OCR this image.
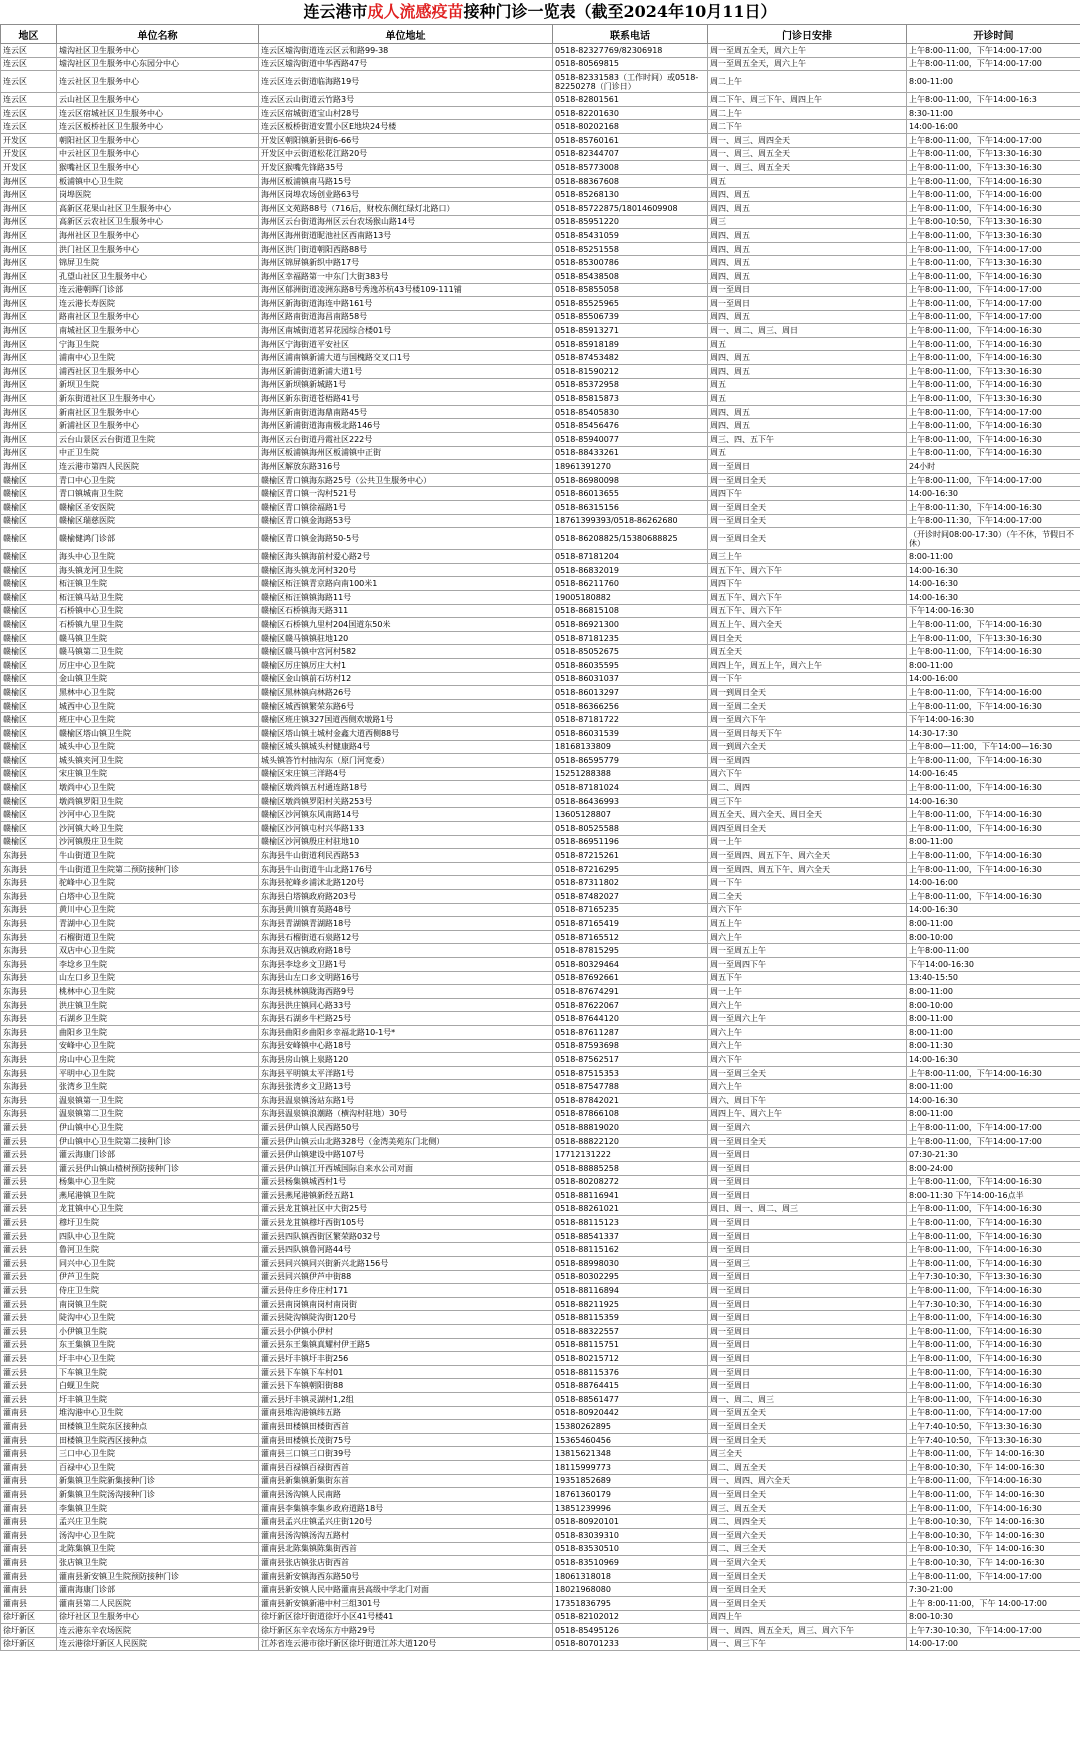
连云港市成人流感疫苗接种门诊一览表（截至2024年10月11日）
地区	单位名称	单位地址	联系电话	门诊日安排	开诊时间
连云区	墟沟社区卫生服务中心	连云区墟沟街道连云区云和路99-38	0518-82327769/82306918	周一至周五全天，周六上午	上午8:00-11:00，下午14:00-17:00
连云区	墟沟社区卫生服务中心东园分中心	连云区墟沟街道中华西路47号	0518-80569815	周一至周五全天，周六上午	上午8:00-11:00，下午14:00-17:00
连云区	连云社区卫生服务中心	连云区连云街道临海路19号	0518-82331583（工作时间）或0518-82250278（门诊日）	周二上午	8:00-11:00
连云区	云山社区卫生服务中心	连云区云山街道云竹路3号	0518-82801561	周二下午、周三下午、周四上午	上午8:00-11:00，下午14:00-16:3
连云区	连云区宿城社区卫生服务中心	连云区宿城街道宝山村28号	0518-82201630	周二上午	8:30-11:00
连云区	连云区板桥社区卫生服务中心	连云区板桥街道安置小区E地块24号楼	0518-80202168	周二下午	14:00-16:00
开发区	朝阳社区卫生服务中心	开发区朝阳镇新县街6-66号	0518-85760161	周一、周三、周四全天	上午8:00-11:00，下午14:00-17:00
开发区	中云社区卫生服务中心	开发区中云街道松花江路20号	0518-82344707	周一、周三、周五全天	上午8:00-11:00，下午13:30-16:30
开发区	猴嘴社区卫生服务中心	开发区猴嘴先锋路35号	0518-85773008	周一、周三、周五全天	上午8:00-11:00，下午13:30-16:30
海州区	板浦镇中心卫生院	海州区板浦镇南马路15号	0518-88367608	周五	上午8:00-11:00，下午14:00-16:30
海州区	岗埠医院	海州区岗埠农场创业路63号	0518-85268130	周四、周五	上午8:00-11:00，下午14:00-16:00
海州区	高新区花果山社区卫生服务中心	海州区文苑路88号（716后，财校东侧红绿灯北路口）	0518-85722875/18014609908	周四、周五	上午8:00-11:00，下午14:00-16:30
海州区	高新区云农社区卫生服务中心	海州区云台街道海州区云台农场猴山路14号	0518-85951220	周三	上午8:00-10:50，下午13:30-16:30
海州区	海州社区卫生服务中心	海州区海州街道昵池社区西南路13号	0518-85431059	周四、周五	上午8:00-11:00，下午13:30-16:30
海州区	洪门社区卫生服务中心	海州区洪门街道朝阳西路88号	0518-85251558	周四、周五	上午8:00-11:00，下午14:00-17:00
海州区	锦屏卫生院	海州区锦屏镇新织中路17号	0518-85300786	周四、周五	上午8:00-11:00，下午13:30-16:30
海州区	孔望山社区卫生服务中心	海州区幸福路第一中东门大街383号	0518-85438508	周四、周五	上午8:00-11:00，下午14:00-16:30
海州区	连云港朝晖门诊部	海州区郁洲街道凌洲东路8号秀逸苏杭43号楼109-111铺	0518-85855058	周一至周日	上午8:00-11:00，下午14:00-17:00
海州区	连云港长寿医院	海州区新海街道海连中路161号	0518-85525965	周一至周日	上午8:00-11:00，下午14:00-17:00
海州区	路南社区卫生服务中心	海州区路南街道海昌南路58号	0518-85506739	周四、周五	上午8:00-11:00，下午14:00-17:00
海州区	南城社区卫生服务中心	海州区南城街道茗昇花园综合楼01号	0518-85913271	周一、周二、周三、周日	上午8:00-11:00，下午14:00-16:30
海州区	宁海卫生院	海州区宁海街道平安社区	0518-85918189	周五	上午8:00-11:00，下午14:00-16:30
海州区	浦南中心卫生院	海州区浦南镇新浦大道与国槐路交叉口1号	0518-87453482	周四、周五	上午8:00-11:00，下午14:00-16:30
海州区	浦西社区卫生服务中心	海州区新浦街道新浦大道1号	0518-81590212	周四、周五	上午8:00-11:00，下午13:30-16:30
海州区	新坝卫生院	海州区新坝镇新城路1号	0518-85372958	周五	上午8:00-11:00，下午14:00-16:30
海州区	新东街道社区卫生服务中心	海州区新东街道苍梧路41号	0518-85815873	周五	上午8:00-11:00，下午13:30-16:30
海州区	新南社区卫生服务中心	海州区新南街道海鼎南路45号	0518-85405830	周四、周五	上午8:00-11:00，下午14:00-17:00
海州区	新浦社区卫生服务中心	海州区新浦街道海南极北路146号	0518-85456476	周四、周五	上午8:00-11:00，下午14:00-16:30
海州区	云台山景区云台街道卫生院	海州区云台街道丹霞社区222号	0518-85940077	周三、四、五下午	上午8:00-11:00，下午14:00-16:30
海州区	中正卫生院	海州区板浦镇海州区板浦镇中正街	0518-88433261	周五	上午8:00-11:00，下午14:00-16:30
海州区	连云港市第四人民医院	海州区解放东路316号	18961391270	周一至周日	24小时
赣榆区	青口中心卫生院	赣榆区青口镇海东路25号（公共卫生服务中心）	0518-86980098	周一至周日全天	上午8:00-11:00，下午14:00-17:00
赣榆区	青口镇城南卫生院	赣榆区青口镇一沟村521号	0518-86013655	周四下午	14:00-16:30
赣榆区	赣榆区圣安医院	赣榆区青口镇徐福路1号	0518-86315156	周一至周日全天	上午8:00-11:30，下午14:00-16:30
赣榆区	赣榆区瑞慈医院	赣榆区青口镇金海路53号	18761399393/0518-86262680	周一至周日全天	上午8:00-11:30，下午14:00-17:00
赣榆区	赣榆健鸿门诊部	赣榆区青口镇金海路50-5号	0518-86208825/15380688825	周一至周日全天	（开诊时间08:00-17:30）（午不休，节假日不休）
赣榆区	海头中心卫生院	赣榆区海头镇海前村爱心路2号	0518-87181204	周三上午	8:00-11:00
赣榆区	海头镇龙河卫生院	赣榆区海头镇龙河村320号	0518-86832019	周五下午、周六下午	14:00-16:30
赣榆区	柘汪镇卫生院	赣榆区柘汪镇青京路向南100米1	0518-86211760	周四下午	14:00-16:30
赣榆区	柘汪镇马站卫生院	赣榆区柘汪镇镇海路11号	19005180882	周五下午、周六下午	14:00-16:30
赣榆区	石桥镇中心卫生院	赣榆区石桥镇海天路311	0518-86815108	周五下午、周六下午	下午14:00-16:30
赣榆区	石桥镇九里卫生院	赣榆区石桥镇九里村204国道东50米	0518-86921300	周五上午、周六全天	上午8:00-11:00，下午14:00-16:30
赣榆区	赣马镇卫生院	赣榆区赣马镇镇驻地120	0518-87181235	周日全天	上午8:00-11:00，下午13:30-16:30
赣榆区	赣马镇第二卫生院	赣榆区赣马镇中宫河村582	0518-85052675	周五全天	上午8:00-11:00，下午14:00-16:30
赣榆区	厉庄中心卫生院	赣榆区厉庄镇厉庄大村1	0518-86035595	周四上午，周五上午，周六上午	8:00-11:00
赣榆区	金山镇卫生院	赣榆区金山镇前石坊村12	0518-86031037	周一下午	14:00-16:00
赣榆区	黑林中心卫生院	赣榆区黑林镇向林路26号	0518-86013297	周一到周日全天	上午8:00-11:00，下午14:00-16:00
赣榆区	城西中心卫生院	赣榆区城西镇繁荣东路6号	0518-86366256	周一至周二全天	上午8:00-11:00，下午14:00-16:30
赣榆区	班庄中心卫生院	赣榆区班庄镇327国道西侧欢墩路1号	0518-87181722	周一至周六下午	下午14:00-16:30
赣榆区	赣榆区塔山镇卫生院	赣榆区塔山镇土城村金鑫大道西侧88号	0518-86031539	周一至周日每天下午	14:30-17:30
赣榆区	城头中心卫生院	赣榆区城头镇城头村健康路4号	18168133809	周一到周六全天	上午8:00—11:00，下午14:00—16:30
赣榆区	城头镇夹河卫生院	城头镇答竹村抽沟东（原门河宽委）	0518-86595779	周一至周四	上午8:00-11:00，下午14:00-16:30
赣榆区	宋庄镇卫生院	赣榆区宋庄镇三洋路4号	15251288388	周六下午	14:00-16:45
赣榆区	墩尚中心卫生院	赣榆区墩尚镇五村通连路18号	0518-87181024	周二、周四	上午8:00-11:00，下午14:00-16:30
赣榆区	墩尚镇罗阳卫生院	赣榆区墩尚镇罗阳村关路253号	0518-86436993	周三下午	14:00-16:30
赣榆区	沙河中心卫生院	赣榆区沙河镇东风南路14号	13605128807	周五全天、周六全天、周日全天	上午8:00-11:00，下午14:00-16:30
赣榆区	沙河镇大岭卫生院	赣榆区沙河镇屯村兴华路133	0518-80525588	周四至周日全天	上午8:00-11:00，下午14:00-16:30
赣榆区	沙河镇殷庄卫生院	赣榆区沙河镇殷庄村驻地10	0518-86951196	周一上午	8:00-11:00
东海县	牛山街道卫生院	东海县牛山街道利民西路53	0518-87215261	周一至周四、周五下午、周六全天	上午8:00-11:00，下午14:00-16:30
东海县	牛山街道卫生院第二预防接种门诊	东海县牛山街道牛山北路176号	0518-87216295	周一至周四、周五下午、周六全天	上午8:00-11:00，下午14:00-16:30
东海县	驼峰中心卫生院	东海县驼峰乡浦沭北路120号	0518-87311802	周一下午	14:00-16:00
东海县	白塔中心卫生院	东海县白塔镇政府路203号	0518-87482027	周二全天	上午8:00-11:00，下午14:00-16:30
东海县	黄川中心卫生院	东海县黄川镇育英路48号	0518-87165235	周六下午	14:00-16:30
东海县	青湖中心卫生院	东海县青湖镇青湖路18号	0518-87165419	周五上午	8:00-11:00
东海县	石榴街道卫生院	东海县石榴街道石泉路12号	0518-87165512	周六上午	8:00-10:00
东海县	双店中心卫生院	东海县双店镇政府路18号	0518-87815295	周一至周五上午	上午8:00-11:00
东海县	李埝乡卫生院	东海县李埝乡文卫路1号	0518-80329464	周一至周四下午	下午14:00-16:30
东海县	山左口乡卫生院	东海县山左口乡文明路16号	0518-87692661	周五下午	13:40-15:50
东海县	桃林中心卫生院	东海县桃林镇陇海西路9号	0518-87674291	周一上午	8:00-11:00
东海县	洪庄镇卫生院	东海县洪庄镇同心路33号	0518-87622067	周六上午	8:00-10:00
东海县	石湖乡卫生院	东海县石湖乡牛栏路25号	0518-87644120	周一至周六上午	8:00-11:00
东海县	曲阳乡卫生院	东海县曲阳乡曲阳乡幸福北路10-1号*	0518-87611287	周六上午	8:00-11:00
东海县	安峰中心卫生院	东海县安峰镇中心路18号	0518-87593698	周六上午	8:00-11:30
东海县	房山中心卫生院	东海县房山镇上泉路120	0518-87562517	周六下午	14:00-16:30
东海县	平明中心卫生院	东海县平明镇太平洋路1号	0518-87515353	周一至周三全天	上午8:00-11:00，下午14:00-16:30
东海县	张湾乡卫生院	东海县张湾乡文卫路13号	0518-87547788	周六上午	8:00-11:00
东海县	温泉镇第一卫生院	东海县温泉镇汤站东路1号	0518-87842021	周六、周日下午	14:00-16:30
东海县	温泉镇第二卫生院	东海县温泉镇浪潮路（横沟村驻地）30号	0518-87866108	周四上午、周六上午	8:00-11:00
灌云县	伊山镇中心卫生院	灌云县伊山镇人民西路50号	0518-88819020	周一至周六	上午8:00-11:00，下午14:00-17:00
灌云县	伊山镇中心卫生院第二接种门诊	灌云县伊山镇云山北路328号（金湾美苑东门北侧）	0518-88822120	周一至周日全天	上午8:00-11:00，下午14:00-17:00
灌云县	灌云海康门诊部	灌云县伊山镇建设中路107号	17712131222	周一至周日	07:30-21:30
灌云县	灌云县伊山镇山楂树预防接种门诊	灌云县伊山镇江开西城国际自来水公司对面	0518-88885258	周一至周日	8:00-24:00
灌云县	杨集中心卫生院	灌云县杨集镇城西村1号	0518-80208272	周一至周日	上午8:00-11:00，下午14:00-16:30
灌云县	燕尾港镇卫生院	灌云县燕尾港镇新经五路1	0518-88116941	周一至周日	8:00-11:30 下午14:00-16点半
灌云县	龙苴镇中心卫生院	灌云县龙苴镇社区中大街25号	0518-88261021	周日、周一、周二、周三	上午8:00-11:00，下午14:00-16:30
灌云县	穆圩卫生院	灌云县龙苴镇穆圩西街105号	0518-88115123	周一至周日	上午8:00-11:00，下午14:00-16:30
灌云县	四队中心卫生院	灌云县四队镇西街区繁荣路032号	0518-88541337	周一至周日	上午8:00-11:00，下午14:00-16:30
灌云县	鲁河卫生院	灌云县四队镇鲁河路44号	0518-88115162	周一至周日	上午8:00-11:00，下午14:00-16:30
灌云县	同兴中心卫生院	灌云县同兴镇同兴街新兴北路156号	0518-88998030	周一至周三	上午8:00-11:00，下午14:00-16:30
灌云县	伊芦卫生院	灌云县同兴镇伊芦中街88	0518-80302295	周一至周日	上午7:30-10:30，下午13:30-16:30
灌云县	侍庄卫生院	灌云县侍庄乡侍庄村171	0518-88116894	周一至周日	上午8:00-11:00，下午14:00-16:30
灌云县	南岗镇卫生院	灌云县南岗镇南岗村南岗街	0518-88211925	周一至周日	上午7:30-10:30，下午14:00-16:30
灌云县	陡沟中心卫生院	灌云县陡沟镇陡沟街120号	0518-88115359	周一至周日	上午8:00-11:00，下午14:00-16:30
灌云县	小伊镇卫生院	灌云县小伊镇小伊村	0518-88322557	周一至周日	上午8:00-11:00，下午14:00-16:30
灌云县	东王集镇卫生院	灌云县东王集镇真耀村伊王路5	0518-88115751	周一至周日	上午8:00-11:00，下午14:00-16:30
灌云县	圩丰中心卫生院	灌云县圩丰镇圩丰街256	0518-80215712	周一至周日	上午8:00-11:00，下午14:00-16:30
灌云县	下车镇卫生院	灌云县下车镇下车村01	0518-88115376	周一至周日	上午8:00-11:00，下午14:00-16:30
灌云县	白蚬卫生院	灌云县下车镇朝阳街88	0518-88764415	周一至周日	上午8:00-11:00，下午14:00-16:30
灌云县	圩丰镇卫生院	灌云县圩丰镇灵湖村1,2组	0518-88561477	周一、周二、周三	上午8:00-11:00，下午14:00-16:30
灌南县	堆沟港中心卫生院	灌南县堆沟港镇纬五路	0518-80920442	周一至周五全天	上午8:00-11:00，下午14:00-17:00
灌南县	田楼镇卫生院东区接种点	灌南县田楼镇田楼街西首	15380262895	周一至周日全天	上午7:40-10:50，下午13:30-16:30
灌南县	田楼镇卫生院西区接种点	灌南县田楼镇长茂街75号	15365460456	周一至周日全天	上午7:40-10:50，下午13:30-16:30
灌南县	三口中心卫生院	灌南县三口镇三口街39号	13815621348	周三全天	上午8:00-11:00，下午 14:00-16:30
灌南县	百禄中心卫生院	灌南县百禄镇百禄街西首	18115999773	周二、周五全天	上午8:00-10:30，下午 14:00-16:30
灌南县	新集镇卫生院新集接种门诊	灌南县新集镇新集街东首	19351852689	周一、周四、周六全天	上午8:00-11:00，下午14:00-16:30
灌南县	新集镇卫生院汤沟接种门诊	灌南县汤沟镇人民南路	18761360179	周一至周日全天	上午8:00-11:00，下午 14:00-16:30
灌南县	李集镇卫生院	灌南县李集镇李集乡政府道路18号	13851239996	周三、周五全天	上午8:00-11:00，下午14:00-16:30
灌南县	孟兴庄卫生院	灌南县孟兴庄镇孟兴庄街120号	0518-80920101	周二、周四全天	上午8:00-10:30，下午 14:00-16:30
灌南县	汤沟中心卫生院	灌南县汤沟镇汤沟五路村	0518-83039310	周一至周六全天	上午8:00-10:30，下午 14:00-16:30
灌南县	北陈集镇卫生院	灌南县北陈集镇陈集街西首	0518-83530510	周二、周三全天	上午8:00-10:30，下午 14:00-16:30
灌南县	张店镇卫生院	灌南县张店镇张店街西首	0518-83510969	周一至周六全天	上午8:00-10:30，下午 14:00-16:30
灌南县	灌南县新安镇卫生院预防接种门诊	灌南县新安镇海西东路50号	18061318018	周一至周日全天	上午8:00-11:00，下午14:00-17:00
灌南县	灌南海康门诊部	灌南县新安镇人民中路灌南县高级中学北门对面	18021968080	周一至周日全天	7:30-21:00
灌南县	灌南县第二人民医院	灌南县新安镇新港中村三组301号	17351836795	周一至周日全天	上午 8:00-11:00，下午 14:00-17:00
徐圩新区	徐圩社区卫生服务中心	徐圩新区徐圩街道徐圩小区41号楼41	0518-82102012	周四上午	8:00-10:30
徐圩新区	连云港东辛农场医院	徐圩新区东辛农场东方中路29号	0518-85495126	周一、周四、周五全天，周三、周六下午	上午7:30-10:30，下午14:00-17:00
徐圩新区	连云港徐圩新区人民医院	江苏省连云港市徐圩新区徐圩街道江苏大道120号	0518-80701233	周一、周三下午	14:00-17:00
